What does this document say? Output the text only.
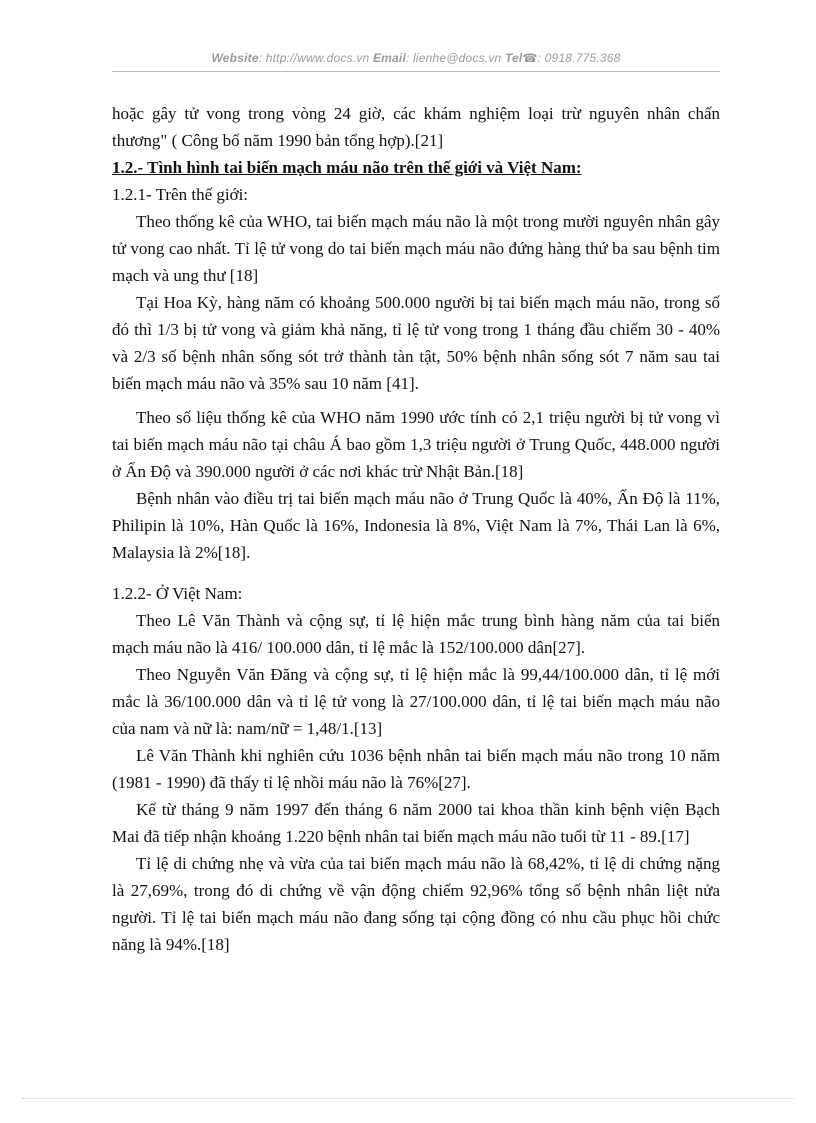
Website: http://www.docs.vn Email: lienhe@docs.vn Tel☎: 0918.775.368

hoặc gây tử vong trong vòng 24 giờ, các khám nghiệm loại trừ nguyên nhân chấn thương" ( Công bố năm 1990 bản tổng hợp).[21]

1.2.- Tình hình tai biến mạch máu não trên thế giới và Việt Nam:

1.2.1- Trên thế giới:

Theo thống kê của WHO, tai biến mạch máu não là một trong mười nguyên nhân gây tử vong cao nhất. Tỉ lệ tử vong do tai biến mạch máu não đứng hàng thứ ba sau bệnh tim mạch và ung thư [18]

Tại Hoa Kỳ, hàng năm có khoảng 500.000 người bị tai biến mạch máu não, trong số đó thì 1/3 bị tử vong và giảm khả năng, tỉ lệ tử vong trong 1 tháng đầu chiếm 30 - 40% và 2/3 số bệnh nhân sống sót trở thành tàn tật, 50% bệnh nhân sống sót 7 năm sau tai biến mạch máu não và 35% sau 10 năm [41].

Theo số liệu thống kê của WHO năm 1990 ước tính có 2,1 triệu người bị tử vong vì tai biến mạch máu não tại châu Á bao gồm 1,3 triệu người ở Trung Quốc, 448.000 người ở Ấn Độ và 390.000 người ở các nơi khác trừ Nhật Bản.[18]

Bệnh nhân vào điều trị tai biến mạch máu não ở Trung Quốc là 40%, Ấn Độ là 11%, Philipin là 10%, Hàn Quốc là 16%, Indonesia là 8%, Việt Nam là 7%, Thái Lan là 6%, Malaysia là 2%[18].

1.2.2- Ở Việt Nam:

Theo Lê Văn Thành và cộng sự, tỉ lệ hiện mắc trung bình hàng năm của tai biến mạch máu não là 416/ 100.000 dân, tỉ lệ mắc là 152/100.000 dân[27].

Theo Nguyễn Văn Đăng và cộng sự, tỉ lệ hiện mắc là 99,44/100.000 dân, tỉ lệ mới mắc là 36/100.000 dân và tỉ lệ tử vong là 27/100.000 dân, tỉ lệ tai biến mạch máu não của nam và nữ là: nam/nữ = 1,48/1.[13]

Lê Văn Thành khi nghiên cứu 1036 bệnh nhân tai biến mạch máu não trong 10 năm (1981 - 1990) đã thấy tỉ lệ nhồi máu não là 76%[27].

Kể từ tháng 9 năm 1997 đến tháng 6 năm 2000 tai khoa thần kinh bệnh viện Bạch Mai đã tiếp nhận khoảng 1.220 bệnh nhân tai biến mạch máu não tuổi từ 11 - 89.[17]

Tỉ lệ di chứng nhẹ và vừa của tai biến mạch máu não là 68,42%, tỉ lệ di chứng nặng là 27,69%, trong đó di chứng về vận động chiếm 92,96% tổng số bệnh nhân liệt nửa người. Tỉ lệ tai biến mạch máu não đang sống tại cộng đồng có nhu cầu phục hồi chức năng là 94%.[18]
